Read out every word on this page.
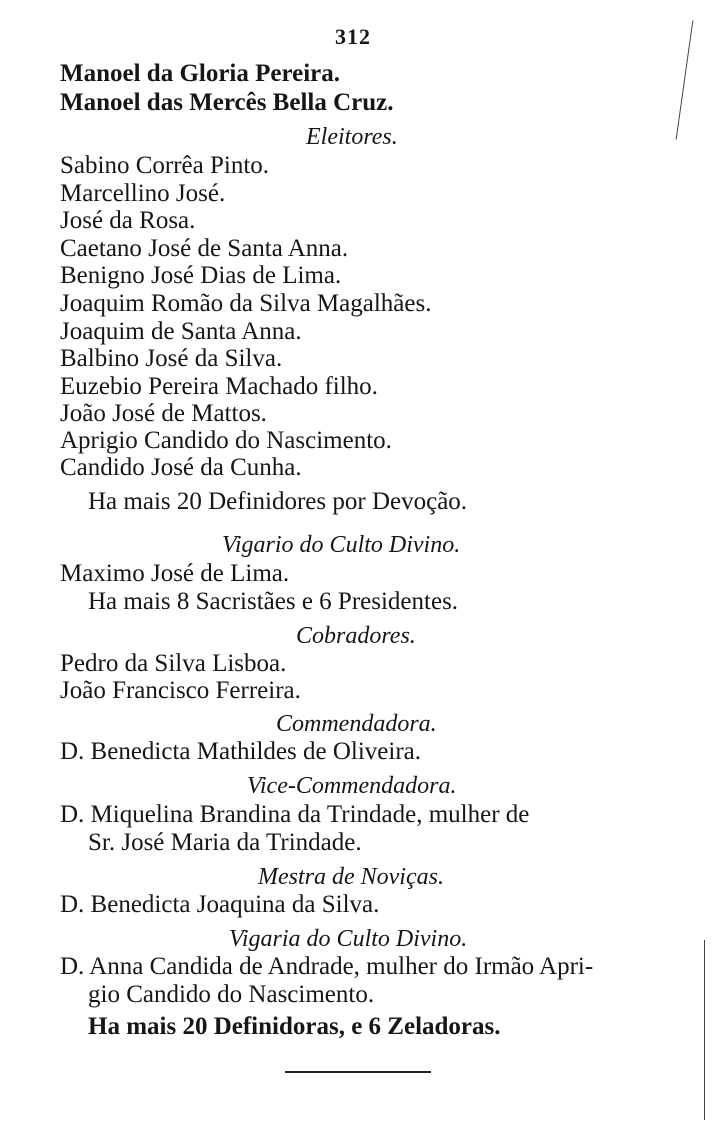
312
Manoel da Gloria Pereira.
Manoel das Mercês Bella Cruz.
Eleitores.
Sabino Corrêa Pinto.
Marcellino José.
José da Rosa.
Caetano José de Santa Anna.
Benigno José Dias de Lima.
Joaquim Romão da Silva Magalhães.
Joaquim de Santa Anna.
Balbino José da Silva.
Euzebio Pereira Machado filho.
João José de Mattos.
Aprigio Candido do Nascimento.
Candido José da Cunha.
Ha mais 20 Definidores por Devoção.
Vigario do Culto Divino.
Maximo José de Lima.
Ha mais 8 Sacristães e 6 Presidentes.
Cobradores.
Pedro da Silva Lisboa.
João Francisco Ferreira.
Commendadora.
D. Benedicta Mathildes de Oliveira.
Vice-Commendadora.
D. Miquelina Brandina da Trindade, mulher de
Sr. José Maria da Trindade.
Mestra de Noviças.
D. Benedicta Joaquina da Silva.
Vigaria do Culto Divino.
D. Anna Candida de Andrade, mulher do Irmão Apri-
gio Candido do Nascimento.
Ha mais 20 Definidoras, e 6 Zeladoras.
